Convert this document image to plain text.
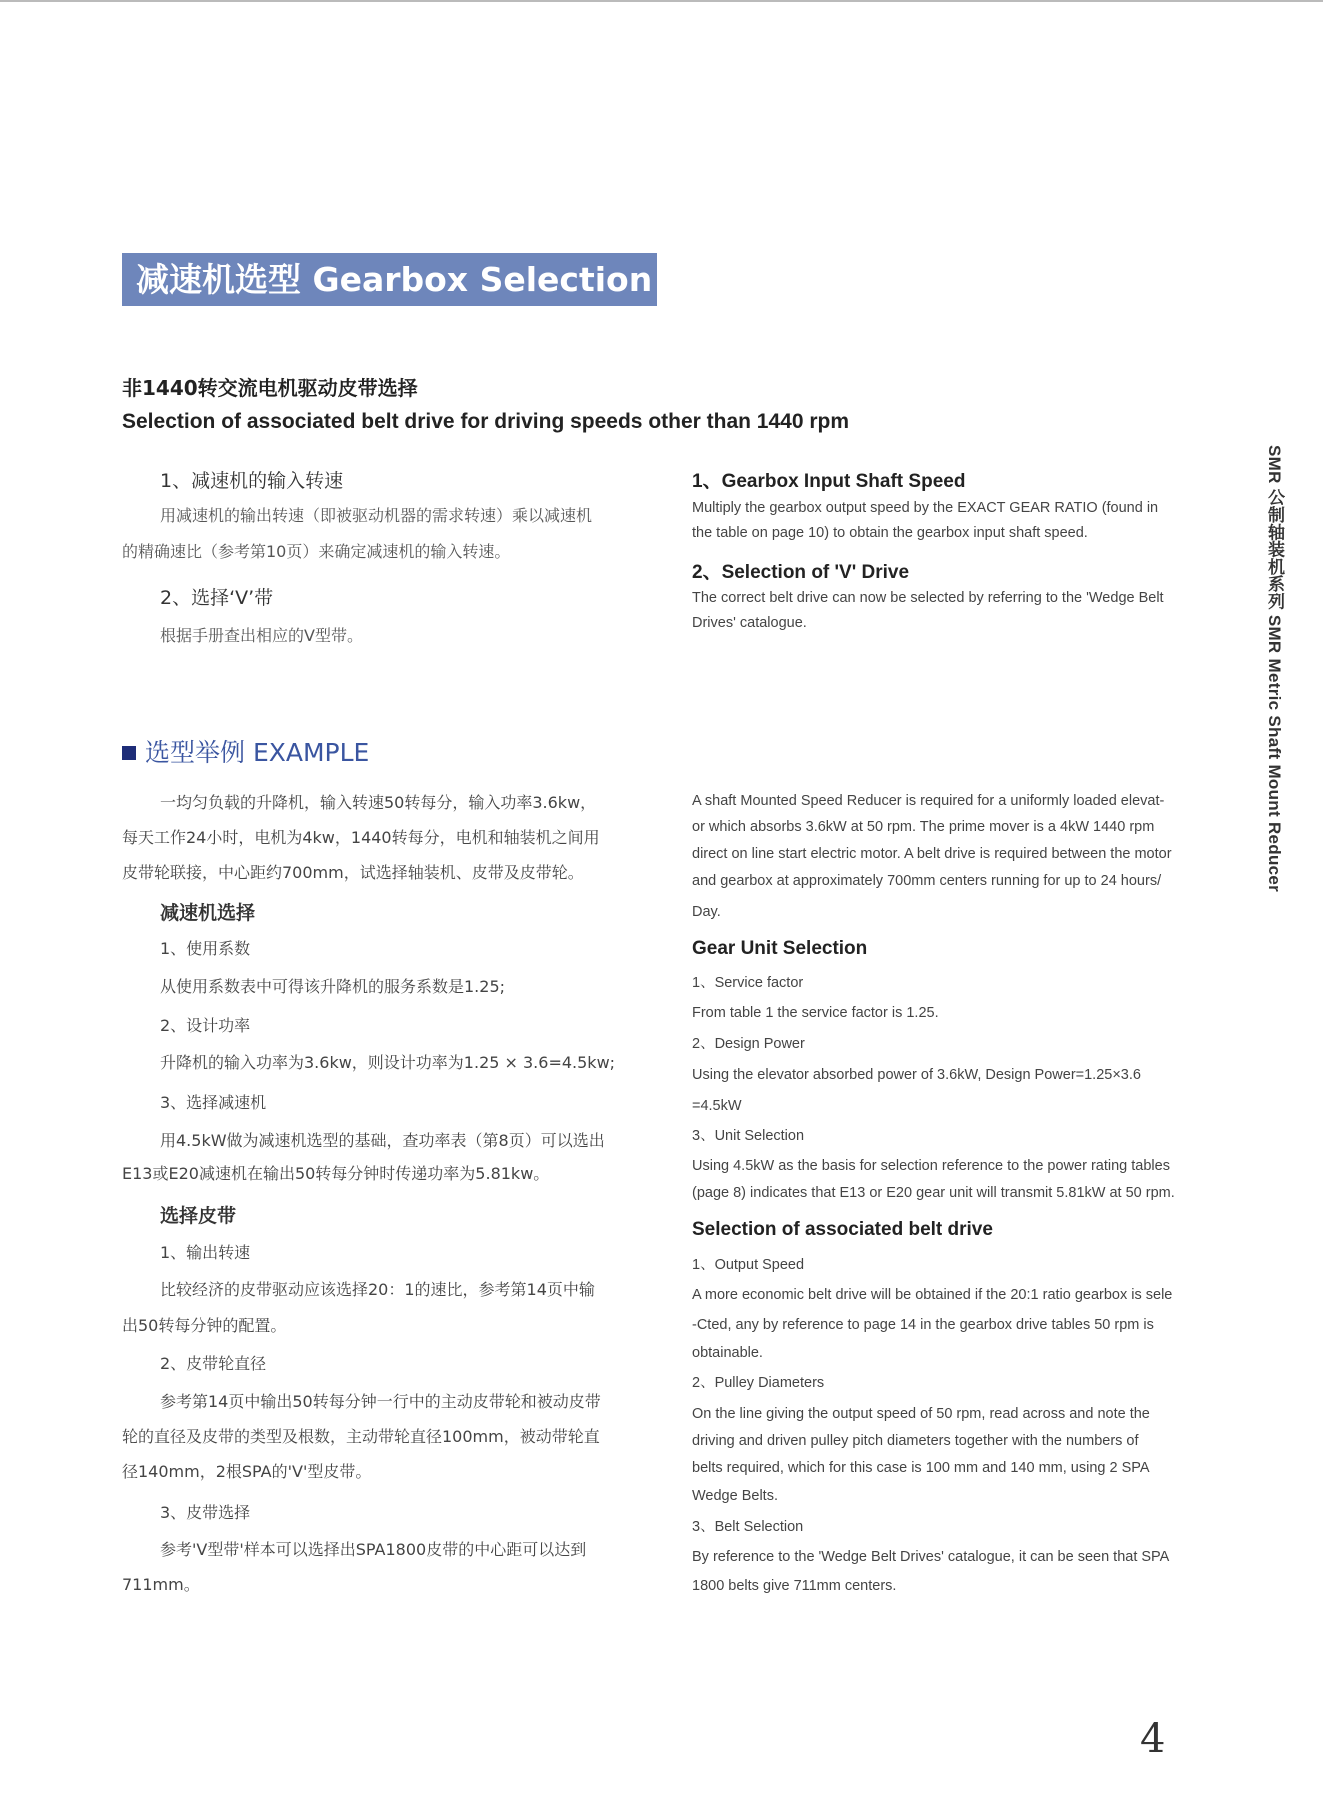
减速机选型 Gearbox Selection
非1440转交流电机驱动皮带选择
Selection of associated belt drive for driving speeds other than 1440 rpm
1、减速机的输入转速
用减速机的输出转速（即被驱动机器的需求转速）乘以减速机
的精确速比（参考第10页）来确定减速机的输入转速。
2、选择‘V’带
根据手册查出相应的V型带。
1、Gearbox Input Shaft Speed
Multiply the gearbox output speed by the EXACT GEAR RATIO (found in
the table on page 10) to obtain the gearbox input shaft speed.
2、Selection of 'V' Drive
The correct belt drive can now be selected by referring to the 'Wedge Belt
Drives' catalogue.
选型举例 EXAMPLE
一均匀负载的升降机，输入转速50转每分，输入功率3.6kw，
每天工作24小时，电机为4kw，1440转每分，电机和轴装机之间用
皮带轮联接，中心距约700mm，试选择轴装机、皮带及皮带轮。
减速机选择
1、使用系数
从使用系数表中可得该升降机的服务系数是1.25;
2、设计功率
升降机的输入功率为3.6kw，则设计功率为1.25 × 3.6=4.5kw;
3、选择减速机
用4.5kW做为减速机选型的基础，查功率表（第8页）可以选出
E13或E20减速机在输出50转每分钟时传递功率为5.81kw。
选择皮带
1、输出转速
比较经济的皮带驱动应该选择20：1的速比，参考第14页中输
出50转每分钟的配置。
2、皮带轮直径
参考第14页中输出50转每分钟一行中的主动皮带轮和被动皮带
轮的直径及皮带的类型及根数，主动带轮直径100mm，被动带轮直
径140mm，2根SPA的'V'型皮带。
3、皮带选择
参考'V型带'样本可以选择出SPA1800皮带的中心距可以达到
711mm。
A shaft Mounted Speed Reducer is required for a uniformly loaded elevat-
or which absorbs 3.6kW at 50 rpm. The prime mover is a 4kW 1440 rpm
direct on line start electric motor. A belt drive is required between the motor
and gearbox at approximately 700mm centers running for up to 24 hours/
Day.
Gear Unit Selection
1、Service factor
From table 1 the service factor is 1.25.
2、Design Power
Using the elevator absorbed power of 3.6kW, Design Power=1.25×3.6
=4.5kW
3、Unit Selection
Using 4.5kW as the basis for selection reference to the power rating tables
(page 8) indicates that E13 or E20 gear unit will transmit 5.81kW at 50 rpm.
Selection of associated belt drive
1、Output Speed
A more economic belt drive will be obtained if the 20:1 ratio gearbox is sele
-Cted, any by reference to page 14 in the gearbox drive tables 50 rpm is
obtainable.
2、Pulley Diameters
On the line giving the output speed of 50 rpm, read across and note the
driving and driven pulley pitch diameters together with the numbers of
belts required, which for this case is 100 mm and 140 mm, using 2 SPA
Wedge Belts.
3、Belt Selection
By reference to the 'Wedge Belt Drives' catalogue, it can be seen that SPA
1800 belts give 711mm centers.
SMR 公制轴装机系列 SMR Metric Shaft Mount Reducer
4
